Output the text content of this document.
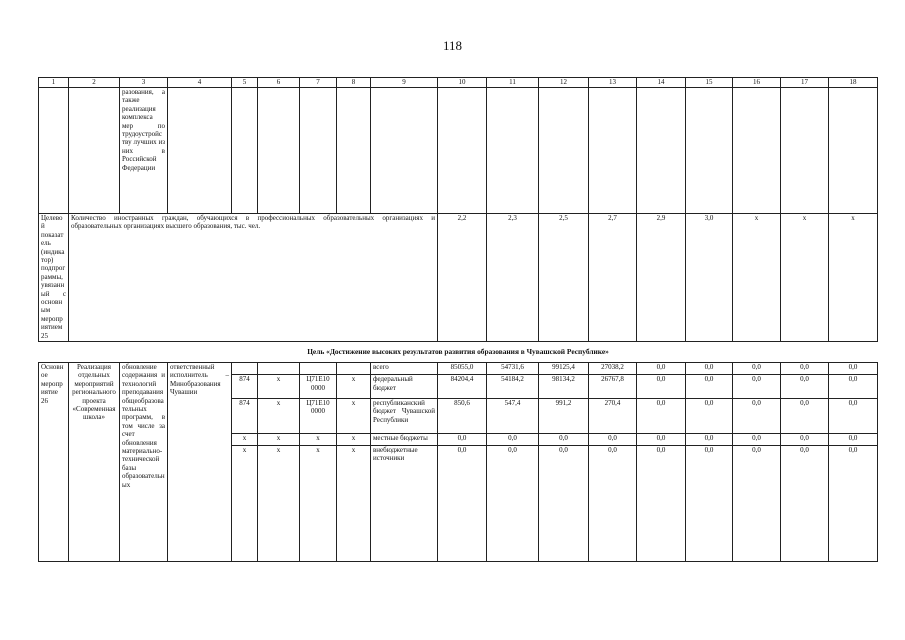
118
1	2	3	4	5	6	7	8	9	10	11	12	13	14	15	16	17	18
		разования, а также реализация комплекса мер по трудоустройству лучших из них в Российской Федерации															
Целевой показатель (индикатор) подпрограммы, увязанный с основным мероприятием 25	Количество иностранных граждан, обучающихся в профессиональных образовательных организациях и образовательных организациях высшего образования, тыс. чел.								2,2	2,3	2,5	2,7	2,9	3,0	х	х	х
Цель «Достижение высоких результатов развития образования в Чувашской Республике»																	
Основное мероприятие 26	Реализация отдельных мероприятий регионального проекта «Современная школа»	обновление содержания и технологий преподавания общеобразовательных программ, в том числе за счет обновления материально-технической базы образовательных	ответственный исполнитель – Минобразования Чувашии					всего	85055,0	54731,6	99125,4	27038,2	0,0	0,0	0,0	0,0	0,0
				874	х	Ц71Е10 0000	х	федеральный бюджет	84204,4	54184,2	98134,2	26767,8	0,0	0,0	0,0	0,0	0,0
				874	х	Ц71Е10 0000	х	республиканский бюджет Чувашской Республики	850,6	547,4	991,2	270,4	0,0	0,0	0,0	0,0	0,0
				х	х	х	х	местные бюджеты	0,0	0,0	0,0	0,0	0,0	0,0	0,0	0,0	0,0
				х	х	х	х	внебюджетные источники	0,0	0,0	0,0	0,0	0,0	0,0	0,0	0,0	0,0
